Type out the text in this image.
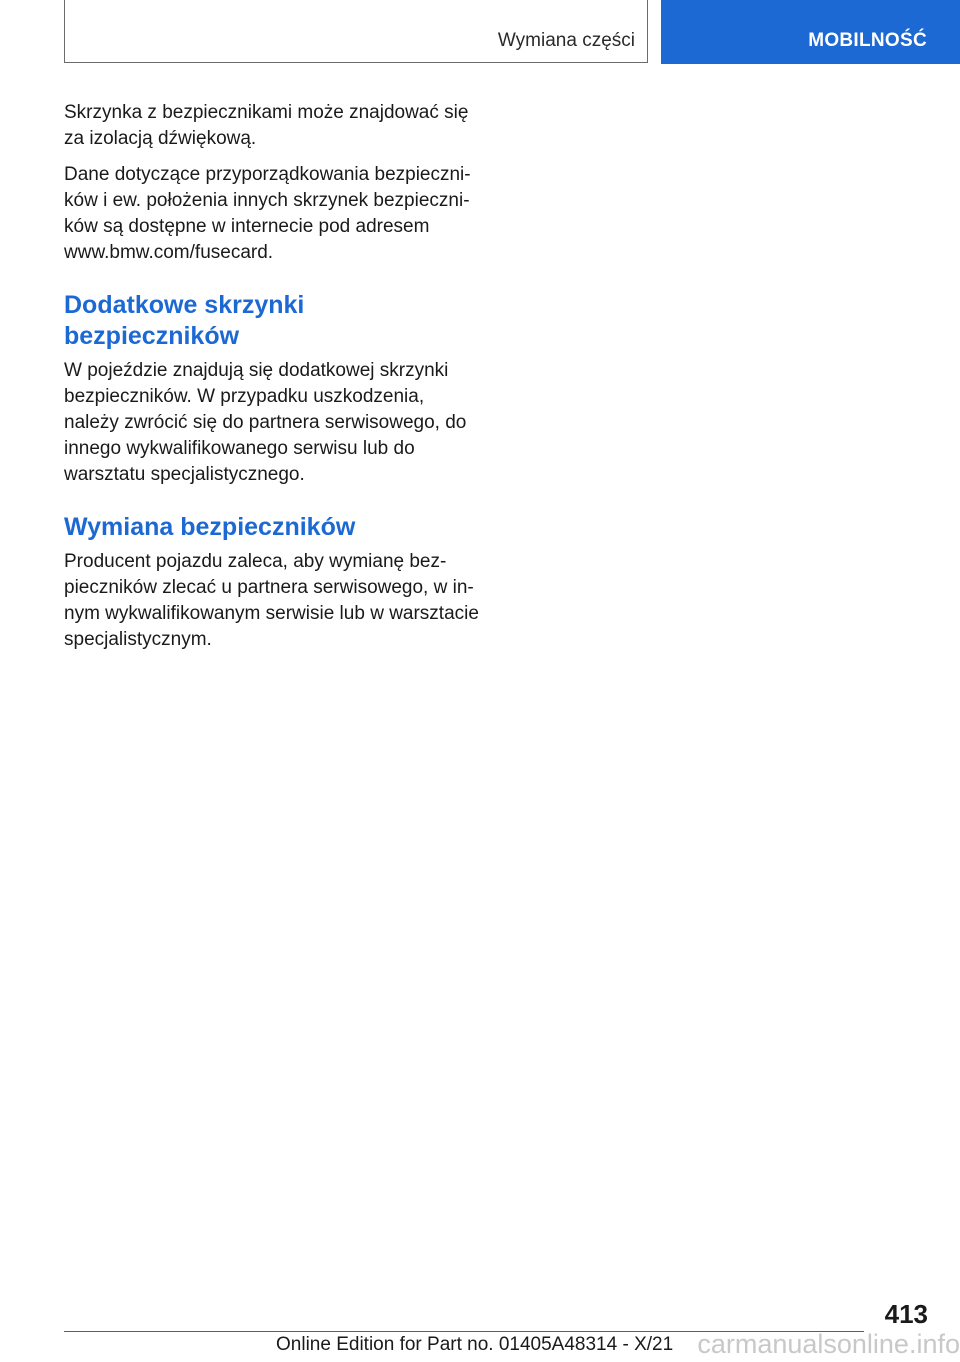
Wymiana części	MOBILNOŚĆ

Skrzynka z bezpiecznikami może znajdować się za izolacją dźwiękową.

Dane dotyczące przyporządkowania bezpieczni‐ ków i ew. położenia innych skrzynek bezpieczni‐ ków są dostępne w internecie pod adresem www.bmw.com/fusecard.

Dodatkowe skrzynki bezpieczników

W pojeździe znajdują się dodatkowej skrzynki bezpieczników. W przypadku uszkodzenia, należy zwrócić się do partnera serwisowego, do innego wykwalifikowanego serwisu lub do warsztatu specjalistycznego.

Wymiana bezpieczników

Producent pojazdu zaleca, aby wymianę bez‐ pieczników zlecać u partnera serwisowego, w in‐ nym wykwalifikowanym serwisie lub w warsztacie specjalistycznym.

413
Online Edition for Part no. 01405A48314 - X/21 carmanualsonline.info
